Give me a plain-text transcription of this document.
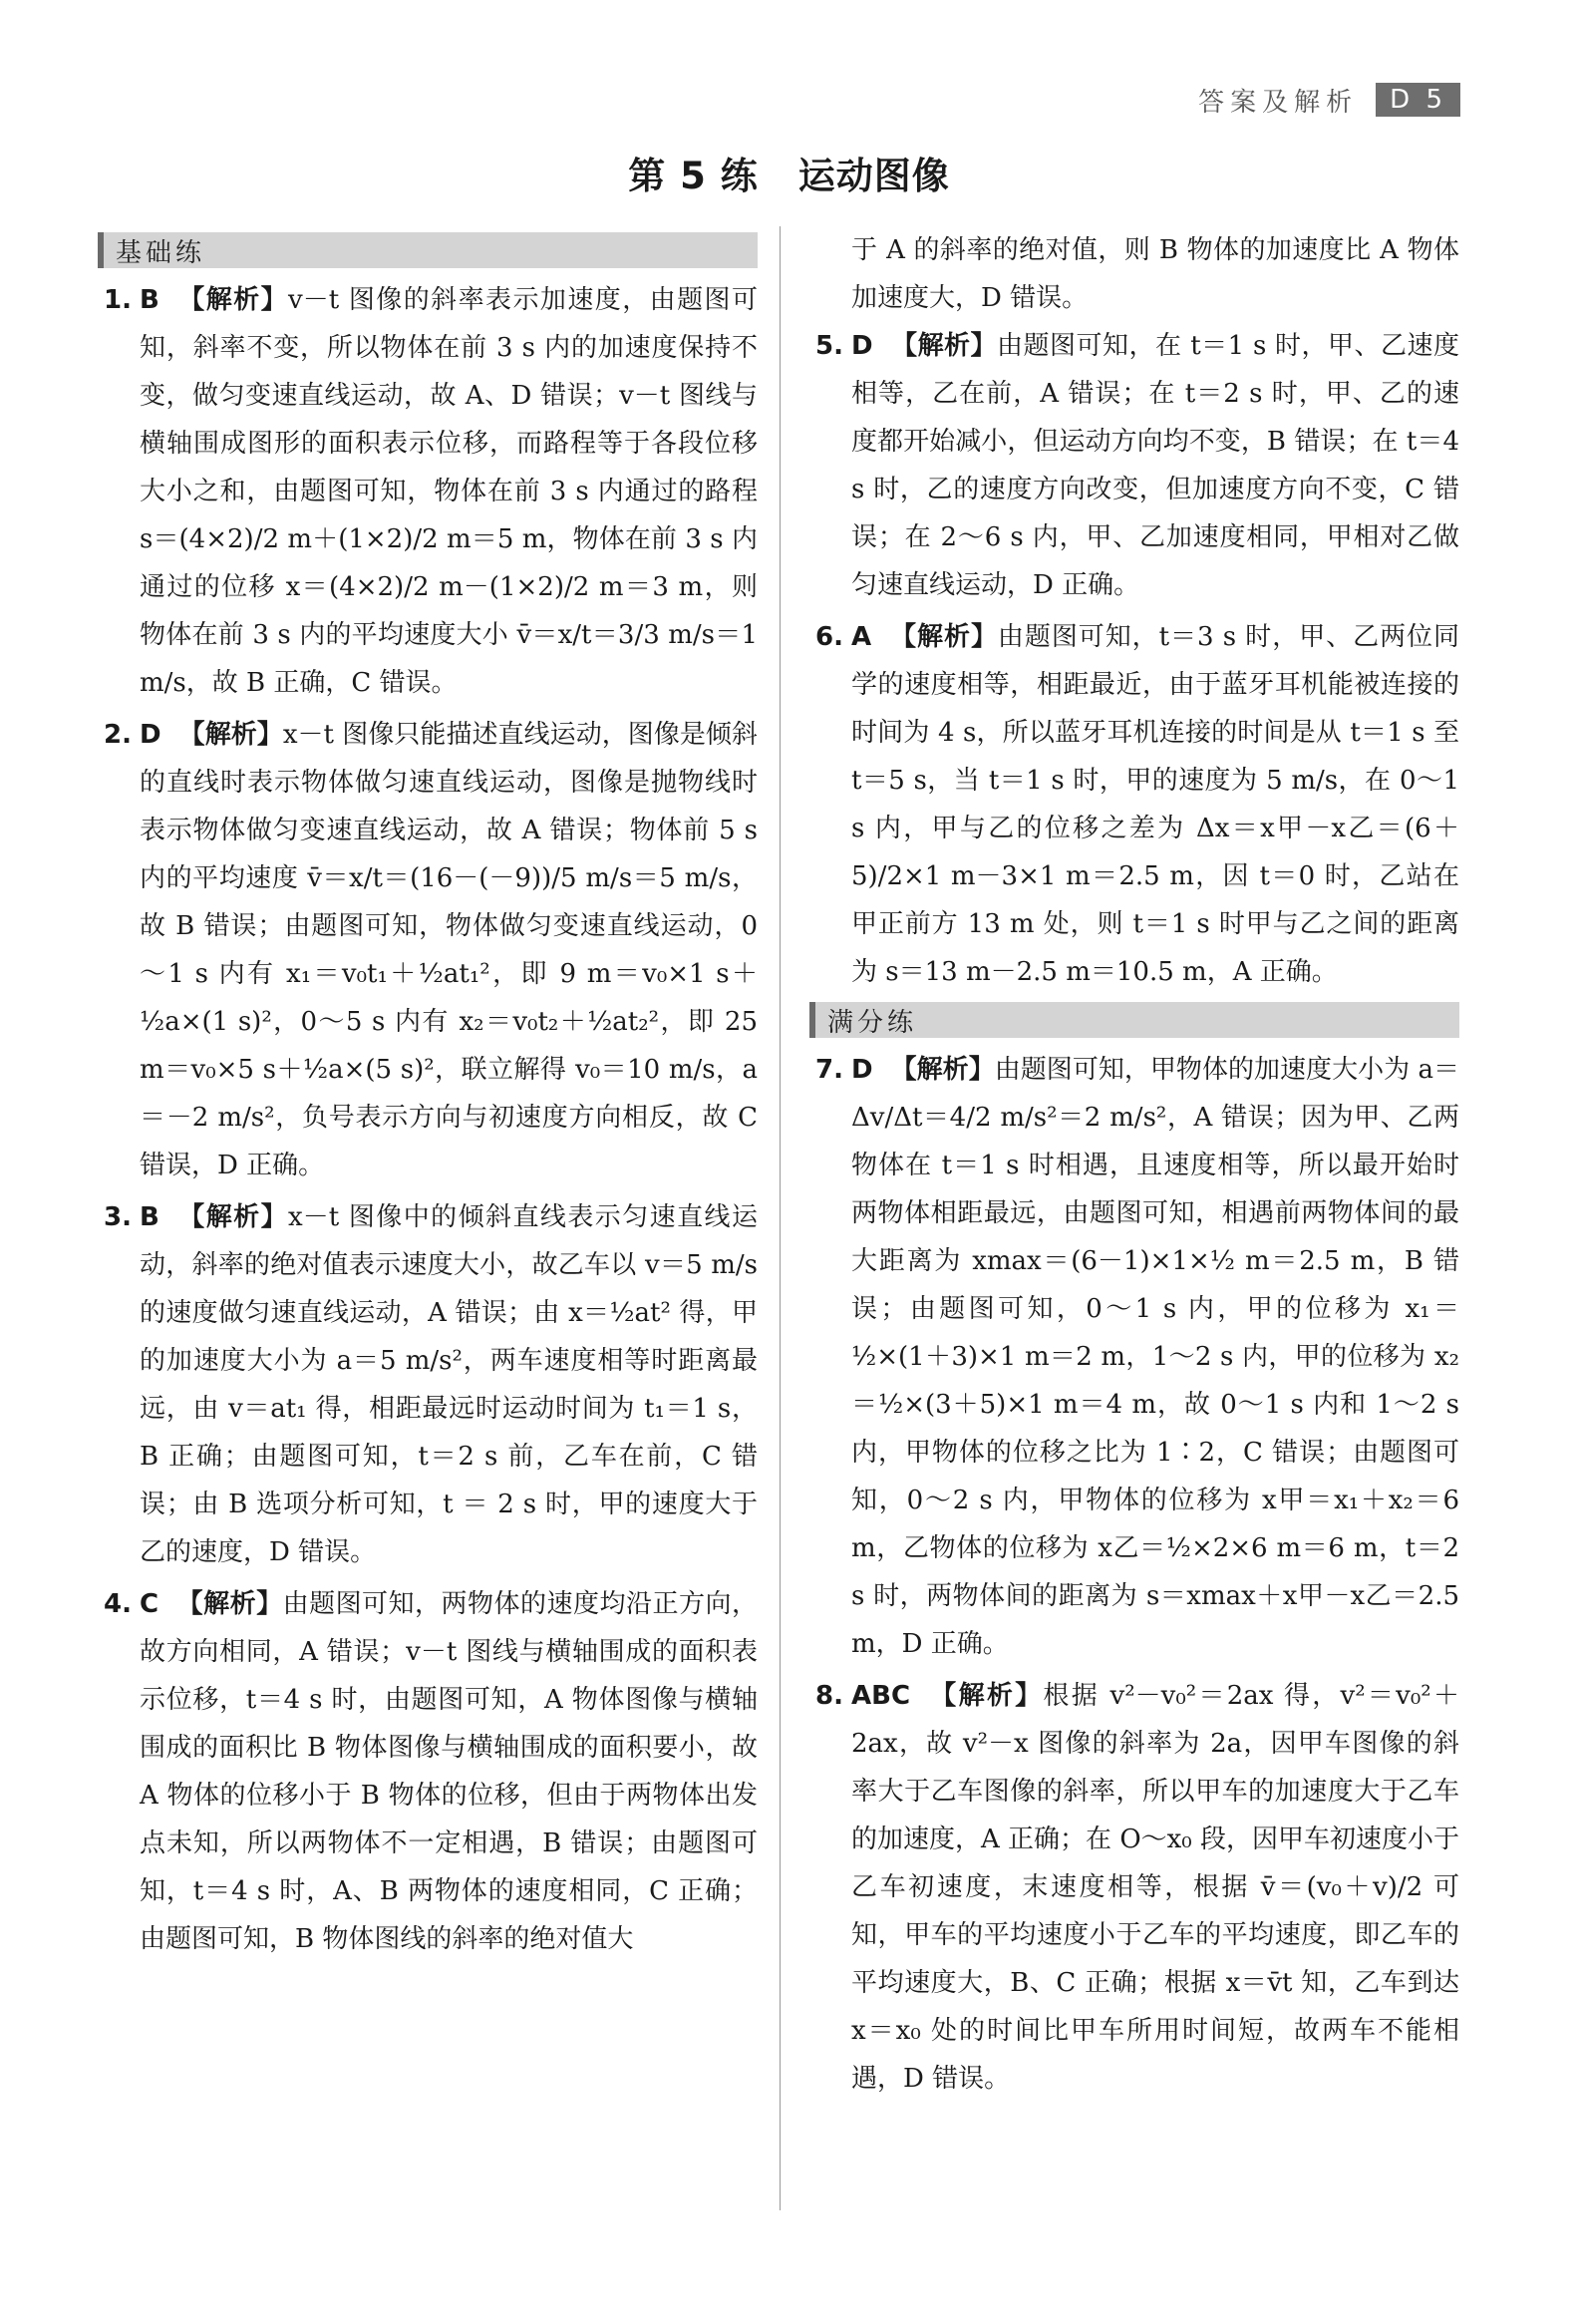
答案及解析	D 5
第 5 练 运动图像
基础练
1. B 【解析】v－t 图像的斜率表示加速度，由题图可知，斜率不变，所以物体在前 3 s 内的加速度保持不变，做匀变速直线运动，故 A、D 错误；v－t 图线与横轴围成图形的面积表示位移，而路程等于各段位移大小之和，由题图可知，物体在前 3 s 内通过的路程 s＝(4×2)/2 m＋(1×2)/2 m＝5 m，物体在前 3 s 内通过的位移 x＝(4×2)/2 m－(1×2)/2 m＝3 m，则物体在前 3 s 内的平均速度大小 v̄＝x/t＝3/3 m/s＝1 m/s，故 B 正确，C 错误。
2. D 【解析】x－t 图像只能描述直线运动，图像是倾斜的直线时表示物体做匀速直线运动，图像是抛物线时表示物体做匀变速直线运动，故 A 错误；物体前 5 s 内的平均速度 v̄＝x/t＝(16－(－9))/5 m/s＝5 m/s，故 B 错误；由题图可知，物体做匀变速直线运动，0～1 s 内有 x₁＝v₀t₁＋½at₁²，即 9 m＝v₀×1 s＋½a×(1 s)²，0～5 s 内有 x₂＝v₀t₂＋½at₂²，即 25 m＝v₀×5 s＋½a×(5 s)²，联立解得 v₀＝10 m/s，a＝－2 m/s²，负号表示方向与初速度方向相反，故 C 错误，D 正确。
3. B 【解析】x－t 图像中的倾斜直线表示匀速直线运动，斜率的绝对值表示速度大小，故乙车以 v＝5 m/s 的速度做匀速直线运动，A 错误；由 x＝½at² 得，甲的加速度大小为 a＝5 m/s²，两车速度相等时距离最远，由 v＝at₁ 得，相距最远时运动时间为 t₁＝1 s，B 正确；由题图可知，t＝2 s 前，乙车在前，C 错误；由 B 选项分析可知，t ＝ 2 s 时，甲的速度大于乙的速度，D 错误。
4. C 【解析】由题图可知，两物体的速度均沿正方向，故方向相同，A 错误；v－t 图线与横轴围成的面积表示位移，t＝4 s 时，由题图可知，A 物体图像与横轴围成的面积比 B 物体图像与横轴围成的面积要小，故 A 物体的位移小于 B 物体的位移，但由于两物体出发点未知，所以两物体不一定相遇，B 错误；由题图可知，t＝4 s 时，A、B 两物体的速度相同，C 正确；由题图可知，B 物体图线的斜率的绝对值大
于 A 的斜率的绝对值，则 B 物体的加速度比 A 物体加速度大，D 错误。
5. D 【解析】由题图可知，在 t＝1 s 时，甲、乙速度相等，乙在前，A 错误；在 t＝2 s 时，甲、乙的速度都开始减小，但运动方向均不变，B 错误；在 t＝4 s 时，乙的速度方向改变，但加速度方向不变，C 错误；在 2～6 s 内，甲、乙加速度相同，甲相对乙做匀速直线运动，D 正确。
6. A 【解析】由题图可知，t＝3 s 时，甲、乙两位同学的速度相等，相距最近，由于蓝牙耳机能被连接的时间为 4 s，所以蓝牙耳机连接的时间是从 t＝1 s 至 t＝5 s，当 t＝1 s 时，甲的速度为 5 m/s，在 0～1 s 内，甲与乙的位移之差为 Δx＝x甲－x乙＝(6＋5)/2×1 m－3×1 m＝2.5 m，因 t＝0 时，乙站在甲正前方 13 m 处，则 t＝1 s 时甲与乙之间的距离为 s＝13 m－2.5 m＝10.5 m，A 正确。
满分练
7. D 【解析】由题图可知，甲物体的加速度大小为 a＝Δv/Δt＝4/2 m/s²＝2 m/s²，A 错误；因为甲、乙两物体在 t＝1 s 时相遇，且速度相等，所以最开始时两物体相距最远，由题图可知，相遇前两物体间的最大距离为 xmax＝(6－1)×1×½ m＝2.5 m，B 错误；由题图可知，0～1 s 内，甲的位移为 x₁＝½×(1＋3)×1 m＝2 m，1～2 s 内，甲的位移为 x₂＝½×(3＋5)×1 m＝4 m，故 0～1 s 内和 1～2 s 内，甲物体的位移之比为 1∶2，C 错误；由题图可知，0～2 s 内，甲物体的位移为 x甲＝x₁＋x₂＝6 m，乙物体的位移为 x乙＝½×2×6 m＝6 m，t＝2 s 时，两物体间的距离为 s＝xmax＋x甲－x乙＝2.5 m，D 正确。
8. ABC 【解析】根据 v²－v₀²＝2ax 得，v²＝v₀²＋2ax，故 v²－x 图像的斜率为 2a，因甲车图像的斜率大于乙车图像的斜率，所以甲车的加速度大于乙车的加速度，A 正确；在 O～x₀ 段，因甲车初速度小于乙车初速度，末速度相等，根据 v̄＝(v₀＋v)/2 可知，甲车的平均速度小于乙车的平均速度，即乙车的平均速度大，B、C 正确；根据 x＝v̄t 知，乙车到达 x＝x₀ 处的时间比甲车所用时间短，故两车不能相遇，D 错误。
